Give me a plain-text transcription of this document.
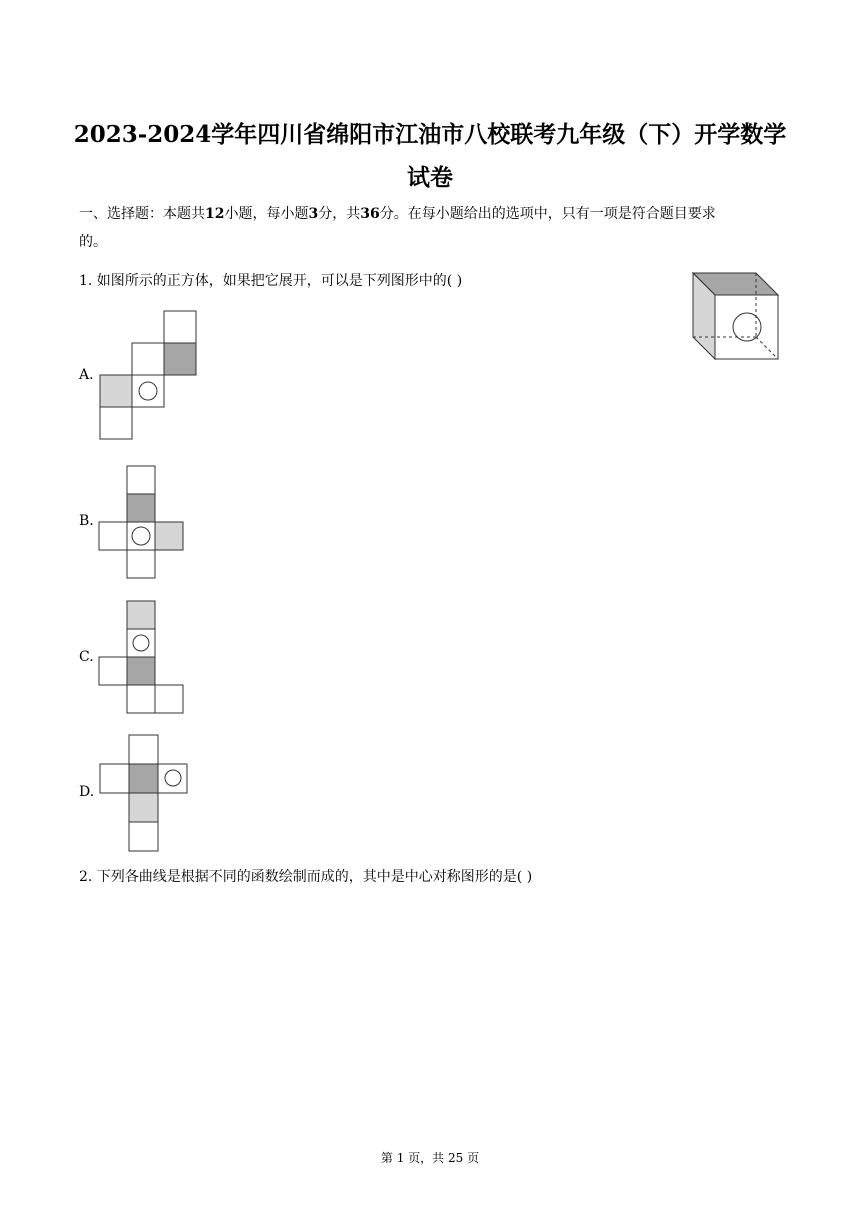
2023-2024学年四川省绵阳市江油市八校联考九年级（下）开学数学
试卷
一、选择题：本题共12小题，每小题3分，共36分。在每小题给出的选项中，只有一项是符合题目要求
的。
1. 如图所示的正方体，如果把它展开，可以是下列图形中的( )
A.
B.
C.
D.
2. 下列各曲线是根据不同的函数绘制而成的，其中是中心对称图形的是( )
第 1 页，共 25 页
